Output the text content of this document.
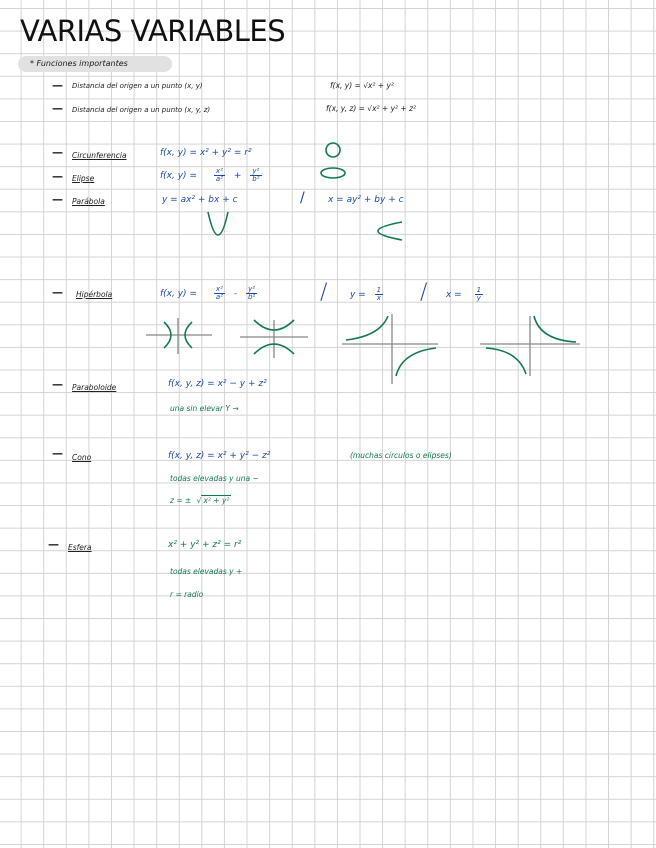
VARIAS VARIABLES
* Funciones importantes
— Distancia del origen a un punto (x, y)	f(x, y) = √x² + y²
— Distancia del origen a un punto (x, y, z)	f(x, y, z) = √x² + y² + z²
— Circunferencia	f(x, y) = x² + y² = r²
— Elipse	f(x, $y) = \frac{\text{x²}}{\text{a²}} + \frac{\text{y²}}{\text{b²}}$
— Parábola	y = ax² + bx + c	/	x = ay² + by + c
— Hipérbola	f(x, $y) = \frac{\text{x²}}{\text{a²}} - \frac{\text{y²}}{\text{b²}}$	/	$y = \frac{1}{x} / x = \frac{1}{y}$
— Paraboloide	f(x, y, z) = x² − y + z²
una sin elevar Y →
— Cono	f(x, y, z) = x² + y² − z²	(muchas círculos o elipses)
todas elevadas y una −
z = ± √ x² + y²
— Esfera	x² + y² + z² = r²
todas elevadas y +
r = radio
